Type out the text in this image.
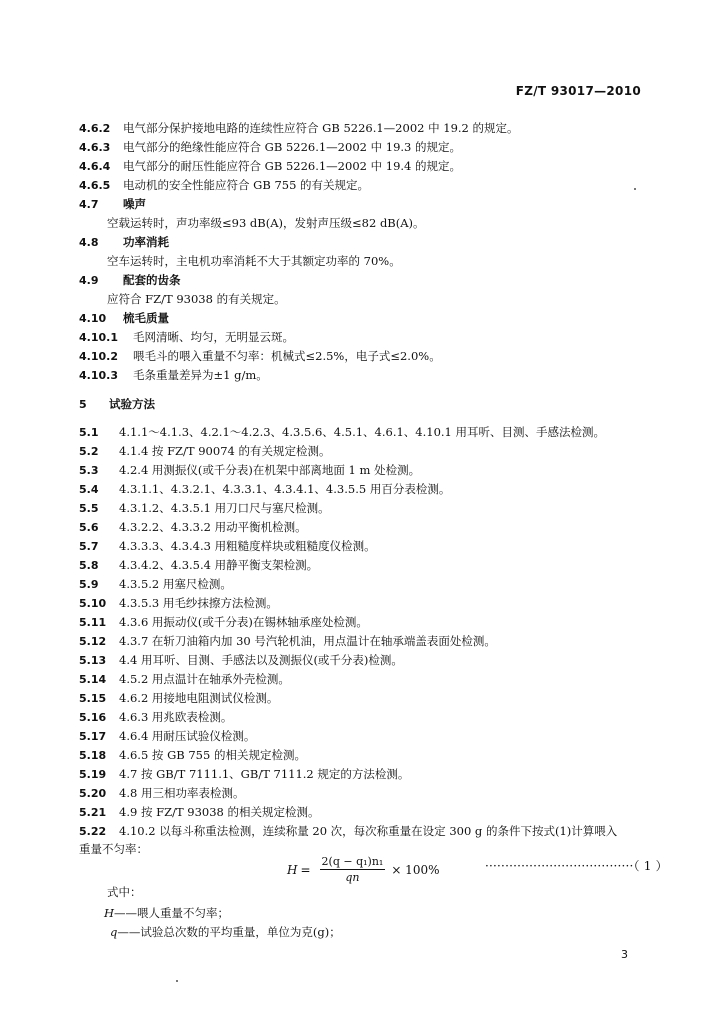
FZ/T 93017—2010
4.6.2 电气部分保护接地电路的连续性应符合 GB 5226.1—2002 中 19.2 的规定。
4.6.3 电气部分的绝缘性能应符合 GB 5226.1—2002 中 19.3 的规定。
4.6.4 电气部分的耐压性能应符合 GB 5226.1—2002 中 19.4 的规定。
4.6.5 电动机的安全性能应符合 GB 755 的有关规定。
4.7 噪声
空载运转时，声功率级≤93 dB(A)，发射声压级≤82 dB(A)。
4.8 功率消耗
空车运转时，主电机功率消耗不大于其额定功率的 70%。
4.9 配套的齿条
应符合 FZ/T 93038 的有关规定。
4.10 梳毛质量
4.10.1 毛网清晰、均匀，无明显云斑。
4.10.2 喂毛斗的喂入重量不匀率：机械式≤2.5%，电子式≤2.0%。
4.10.3 毛条重量差异为±1 g/m。
5 试验方法
5.1 4.1.1～4.1.3、4.2.1～4.2.3、4.3.5.6、4.5.1、4.6.1、4.10.1 用耳听、目测、手感法检测。
5.2 4.1.4 按 FZ/T 90074 的有关规定检测。
5.3 4.2.4 用测振仪(或千分表)在机架中部离地面 1 m 处检测。
5.4 4.3.1.1、4.3.2.1、4.3.3.1、4.3.4.1、4.3.5.5 用百分表检测。
5.5 4.3.1.2、4.3.5.1 用刀口尺与塞尺检测。
5.6 4.3.2.2、4.3.3.2 用动平衡机检测。
5.7 4.3.3.3、4.3.4.3 用粗糙度样块或粗糙度仪检测。
5.8 4.3.4.2、4.3.5.4 用静平衡支架检测。
5.9 4.3.5.2 用塞尺检测。
5.10 4.3.5.3 用毛纱抹擦方法检测。
5.11 4.3.6 用振动仪(或千分表)在锡林轴承座处检测。
5.12 4.3.7 在斩刀油箱内加 30 号汽轮机油，用点温计在轴承端盖表面处检测。
5.13 4.4 用耳听、目测、手感法以及测振仪(或千分表)检测。
5.14 4.5.2 用点温计在轴承外壳检测。
5.15 4.6.2 用接地电阻测试仪检测。
5.16 4.6.3 用兆欧表检测。
5.17 4.6.4 用耐压试验仪检测。
5.18 4.6.5 按 GB 755 的相关规定检测。
5.19 4.7 按 GB/T 7111.1、GB/T 7111.2 规定的方法检测。
5.20 4.8 用三相功率表检测。
5.21 4.9 按 FZ/T 93038 的相关规定检测。
5.22 4.10.2 以每斗称重法检测，连续称量 20 次，每次称重量在设定 300 g 的条件下按式(1)计算喂入
重量不匀率：
$H = \frac{\text{2(q − q₁)n₁}}{qn} \times 100\%$	·····································（ 1 ）
式中：
H——喂人重量不匀率；
q——试验总次数的平均重量，单位为克(g)；
3
